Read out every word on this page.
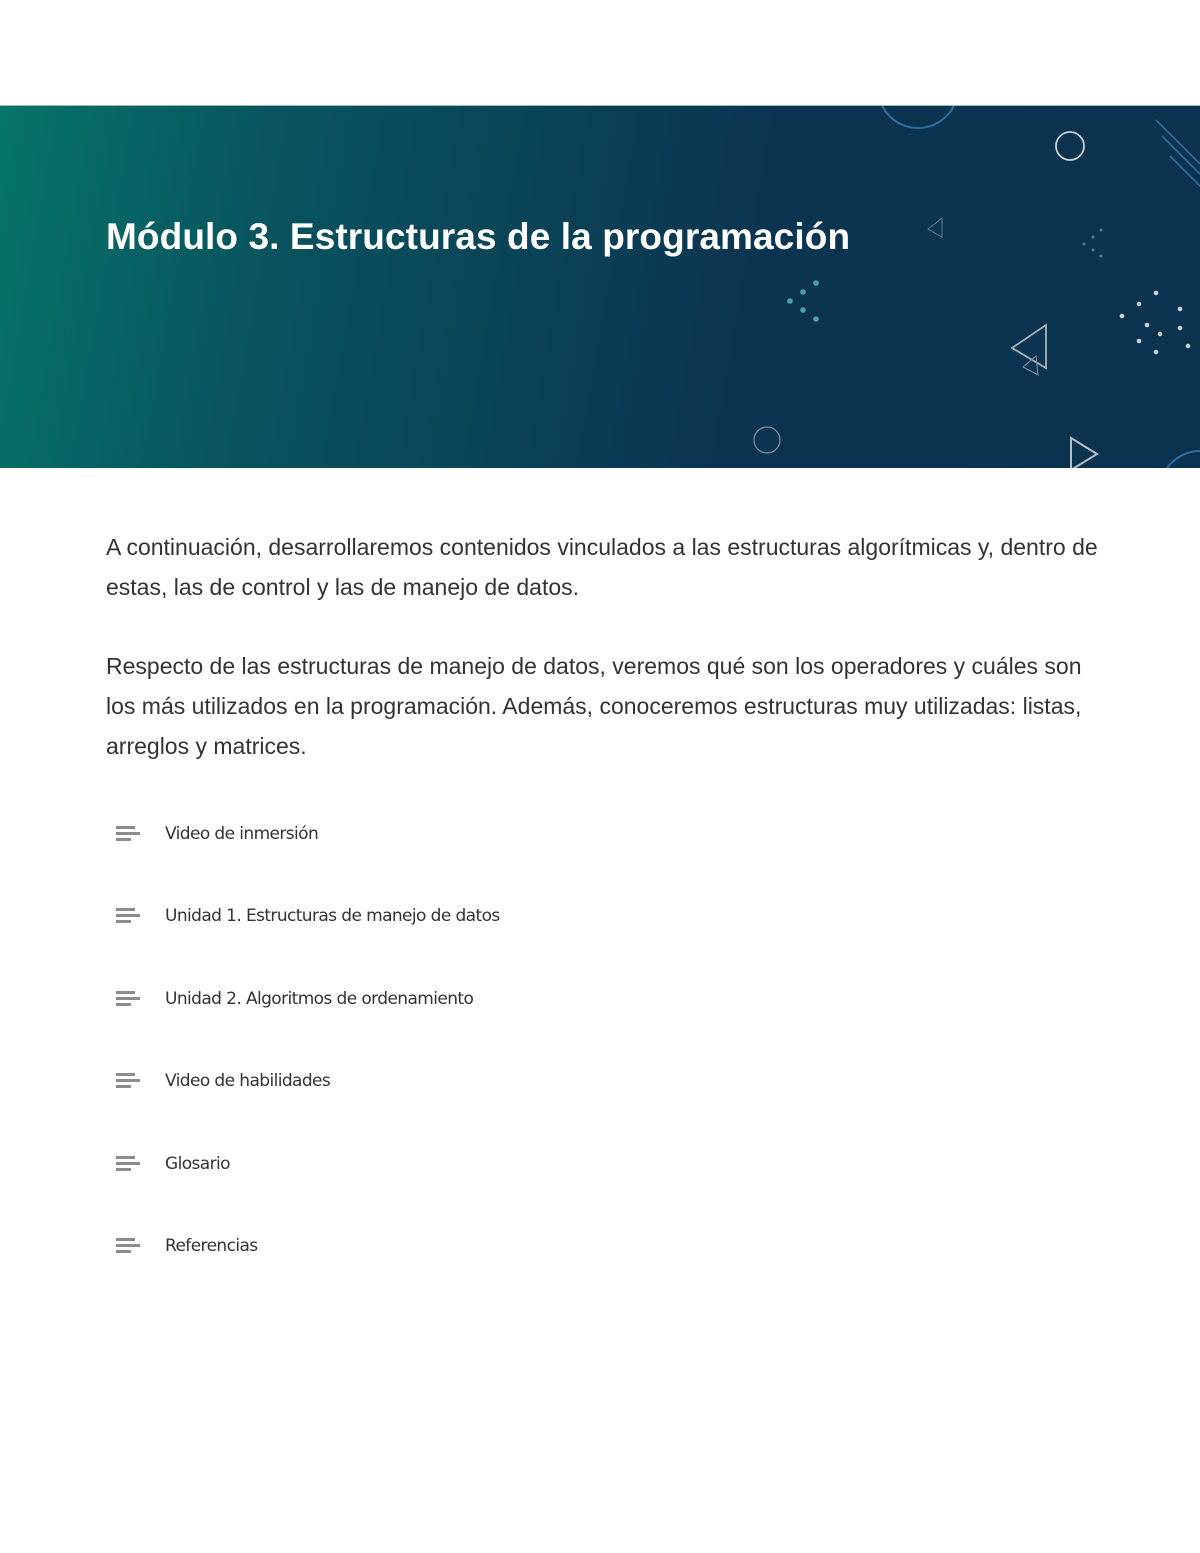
Módulo 3. Estructuras de la programación

A continuación, desarrollaremos contenidos vinculados a las estructuras algorítmicas y, dentro de estas, las de control y las de manejo de datos.

Respecto de las estructuras de manejo de datos, veremos qué son los operadores y cuáles son los más utilizados en la programación. Además, conoceremos estructuras muy utilizadas: listas, arreglos y matrices.

Video de inmersión
Unidad 1. Estructuras de manejo de datos
Unidad 2. Algoritmos de ordenamiento
Video de habilidades
Glosario
Referencias
